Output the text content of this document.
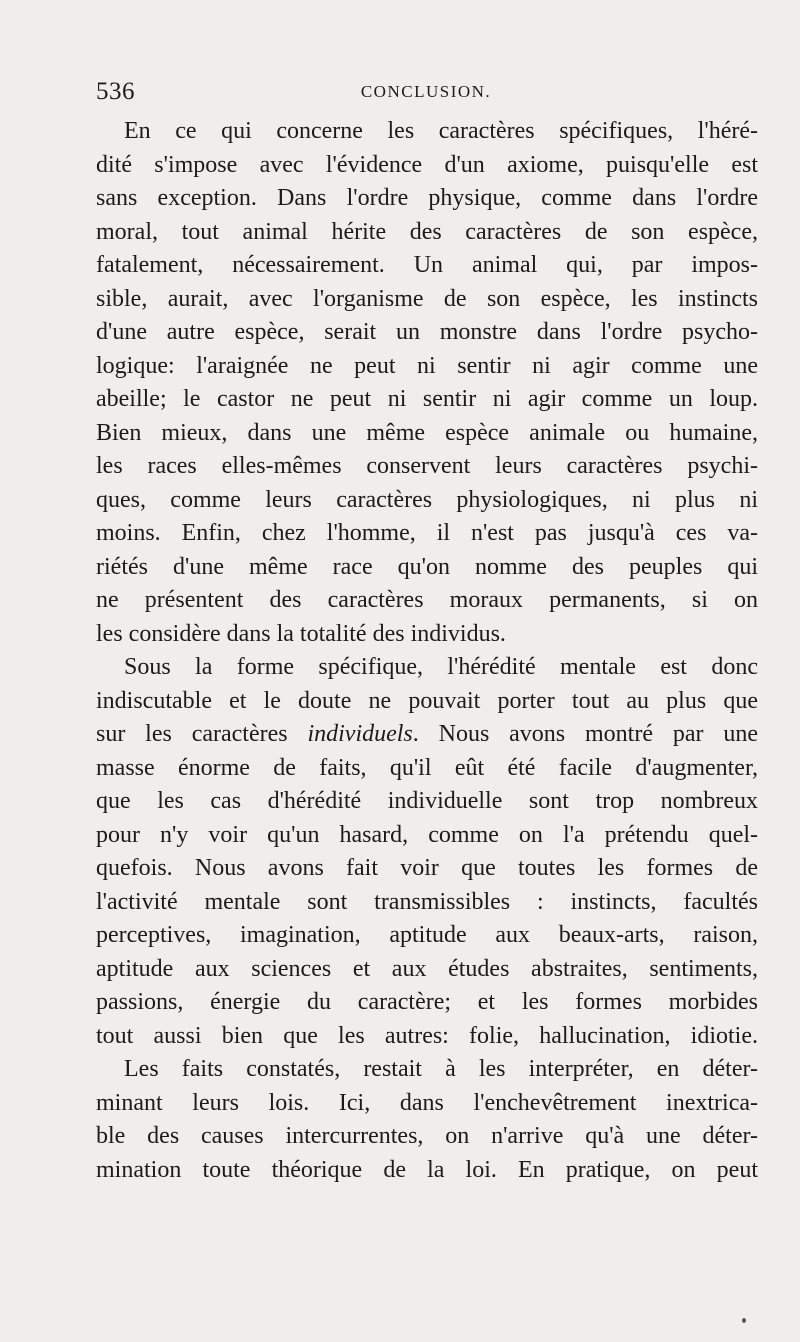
536	CONCLUSION.
En ce qui concerne les caractères spécifiques, l'héré-
dité s'impose avec l'évidence d'un axiome, puisqu'elle est
sans exception. Dans l'ordre physique, comme dans l'ordre
moral, tout animal hérite des caractères de son espèce,
fatalement, nécessairement. Un animal qui, par impos-
sible, aurait, avec l'organisme de son espèce, les instincts
d'une autre espèce, serait un monstre dans l'ordre psycho-
logique: l'araignée ne peut ni sentir ni agir comme une
abeille; le castor ne peut ni sentir ni agir comme un loup.
Bien mieux, dans une même espèce animale ou humaine,
les races elles-mêmes conservent leurs caractères psychi-
ques, comme leurs caractères physiologiques, ni plus ni
moins. Enfin, chez l'homme, il n'est pas jusqu'à ces va-
riétés d'une même race qu'on nomme des peuples qui
ne présentent des caractères moraux permanents, si on
les considère dans la totalité des individus.
Sous la forme spécifique, l'hérédité mentale est donc
indiscutable et le doute ne pouvait porter tout au plus que
sur les caractères individuels. Nous avons montré par une
masse énorme de faits, qu'il eût été facile d'augmenter,
que les cas d'hérédité individuelle sont trop nombreux
pour n'y voir qu'un hasard, comme on l'a prétendu quel-
quefois. Nous avons fait voir que toutes les formes de
l'activité mentale sont transmissibles : instincts, facultés
perceptives, imagination, aptitude aux beaux-arts, raison,
aptitude aux sciences et aux études abstraites, sentiments,
passions, énergie du caractère; et les formes morbides
tout aussi bien que les autres: folie, hallucination, idiotie.
Les faits constatés, restait à les interpréter, en déter-
minant leurs lois. Ici, dans l'enchevêtrement inextrica-
ble des causes intercurrentes, on n'arrive qu'à une déter-
mination toute théorique de la loi. En pratique, on peut
